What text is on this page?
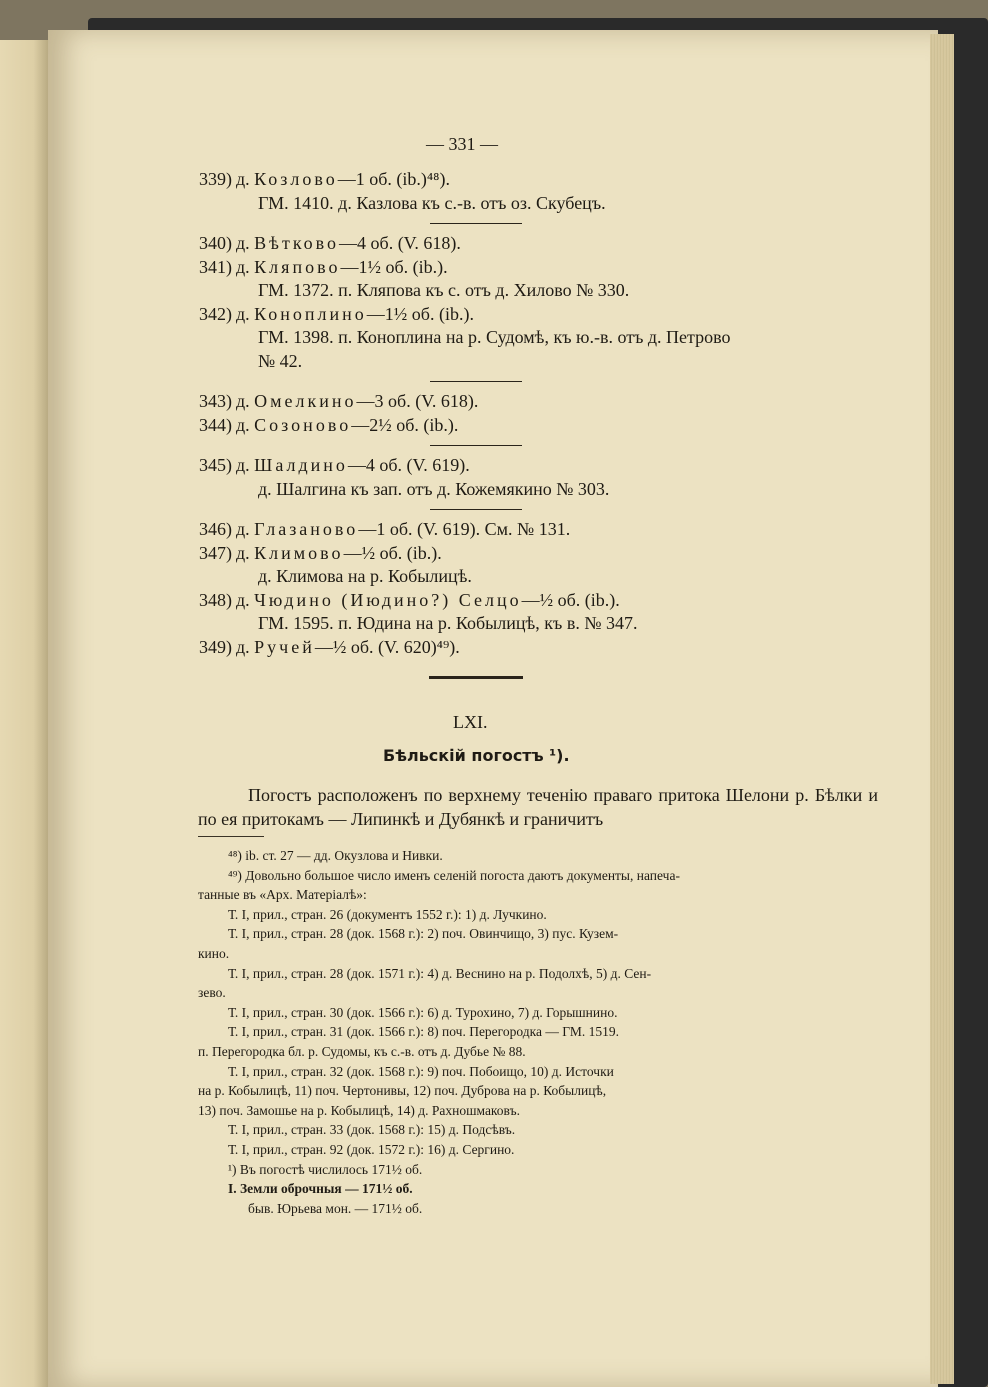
— 331 —
339) д. Козлово—1 об. (ib.)⁴⁸).
ГМ. 1410. д. Казлова къ с.-в. отъ оз. Скубецъ.
340) д. Вѣтково—4 об. (V. 618).
341) д. Кляпово—1½ об. (ib.).
ГМ. 1372. п. Кляпова къ с. отъ д. Хилово № 330.
342) д. Коноплино—1½ об. (ib.).
ГМ. 1398. п. Коноплина на р. Судомѣ, къ ю.-в. отъ д. Петрово
№ 42.
343) д. Омелкино—3 об. (V. 618).
344) д. Созоново—2½ об. (ib.).
345) д. Шалдино—4 об. (V. 619).
д. Шалгина къ зап. отъ д. Кожемякино № 303.
346) д. Глазаново—1 об. (V. 619). См. № 131.
347) д. Климово—½ об. (ib.).
д. Климова на р. Кобылицѣ.
348) д. Чюдино (Июдино?) Селцо—½ об. (ib.).
ГМ. 1595. п. Юдина на р. Кобылицѣ, къ в. № 347.
349) д. Ручей—½ об. (V. 620)⁴⁹).
LXI.
Бѣльскій погостъ ¹).

Погостъ расположенъ по верхнему теченію праваго притока Шелони р. Бѣлки и по ея притокамъ — Липинкѣ и Дубянкѣ и граничитъ

⁴⁸) ib. ст. 27 — дд. Окузлова и Нивки.
⁴⁹) Довольно большое число именъ селеній погоста даютъ документы, напеча-
танные въ «Арх. Матеріалѣ»:
Т. I, прил., стран. 26 (документъ 1552 г.): 1) д. Лучкино.
Т. I, прил., стран. 28 (док. 1568 г.): 2) поч. Овинчищо, 3) пус. Кузем-
кино.
Т. I, прил., стран. 28 (док. 1571 г.): 4) д. Веснино на р. Подолхѣ, 5) д. Сен-
зево.
Т. I, прил., стран. 30 (док. 1566 г.): 6) д. Турохино, 7) д. Горышнино.
Т. I, прил., стран. 31 (док. 1566 г.): 8) поч. Перегородка — ГМ. 1519.
п. Перегородка бл. р. Судомы, къ с.-в. отъ д. Дубье № 88.
Т. I, прил., стран. 32 (док. 1568 г.): 9) поч. Побоищо, 10) д. Источки
на р. Кобылицѣ, 11) поч. Чертонивы, 12) поч. Дуброва на р. Кобылицѣ,
13) поч. Замошье на р. Кобылицѣ, 14) д. Рахношмаковъ.
Т. I, прил., стран. 33 (док. 1568 г.): 15) д. Подсѣвъ.
Т. I, прил., стран. 92 (док. 1572 г.): 16) д. Сергино.
¹) Въ погостѣ числилось 171½ об.
I. Земли оброчныя — 171½ об.
быв. Юрьева мон. — 171½ об.
